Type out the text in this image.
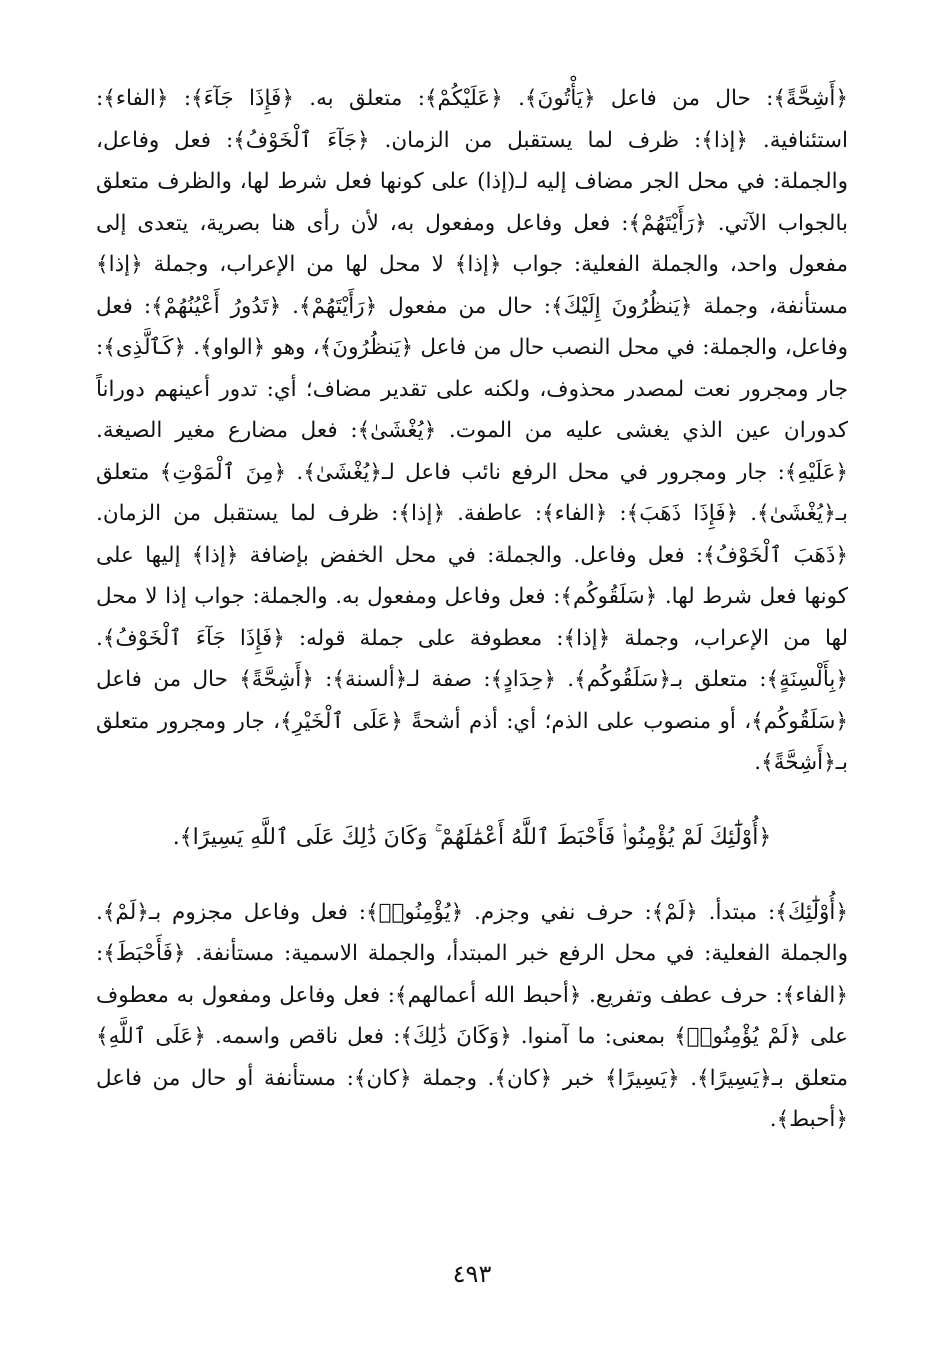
﴿أَشِحَّةً﴾: حال من فاعل ﴿يَأْتُونَ﴾. ﴿عَلَيْكُمْ﴾: متعلق به. ﴿فَإِذَا جَآءَ﴾: ﴿الفاء﴾: استئنافية. ﴿إذا﴾: ظرف لما يستقبل من الزمان. ﴿جَآءَ ٱلْخَوْفُ﴾: فعل وفاعل، والجملة: في محل الجر مضاف إليه لـ(إذا) على كونها فعل شرط لها، والظرف متعلق بالجواب الآتي. ﴿رَأَيْتَهُمْ﴾: فعل وفاعل ومفعول به، لأن رأى هنا بصرية، يتعدى إلى مفعول واحد، والجملة الفعلية: جواب ﴿إذا﴾ لا محل لها من الإعراب، وجملة ﴿إذا﴾ مستأنفة، وجملة ﴿يَنظُرُونَ إِلَيْكَ﴾: حال من مفعول ﴿رَأَيْتَهُمْ﴾. ﴿تَدُورُ أَعْيُنُهُمْ﴾: فعل وفاعل، والجملة: في محل النصب حال من فاعل ﴿يَنظُرُونَ﴾، وهو ﴿الواو﴾. ﴿كَٱلَّذِى﴾: جار ومجرور نعت لمصدر محذوف، ولكنه على تقدير مضاف؛ أي: تدور أعينهم دوراناً كدوران عين الذي يغشى عليه من الموت. ﴿يُغْشَىٰ﴾: فعل مضارع مغير الصيغة. ﴿عَلَيْهِ﴾: جار ومجرور في محل الرفع نائب فاعل لـ﴿يُغْشَىٰ﴾. ﴿مِنَ ٱلْمَوْتِ﴾ متعلق بـ﴿يُغْشَىٰ﴾. ﴿فَإِذَا ذَهَبَ﴾: ﴿الفاء﴾: عاطفة. ﴿إذا﴾: ظرف لما يستقبل من الزمان. ﴿ذَهَبَ ٱلْخَوْفُ﴾: فعل وفاعل. والجملة: في محل الخفض بإضافة ﴿إذا﴾ إليها على كونها فعل شرط لها. ﴿سَلَقُوكُم﴾: فعل وفاعل ومفعول به. والجملة: جواب إذا لا محل لها من الإعراب، وجملة ﴿إذا﴾: معطوفة على جملة قوله: ﴿فَإِذَا جَآءَ ٱلْخَوْفُ﴾. ﴿بِأَلْسِنَةٍ﴾: متعلق بـ﴿سَلَقُوكُم﴾. ﴿حِدَادٍ﴾: صفة لـ﴿ألسنة﴾: ﴿أَشِحَّةً﴾ حال من فاعل ﴿سَلَقُوكُم﴾، أو منصوب على الذم؛ أي: أذم أشحةً ﴿عَلَى ٱلْخَيْرِ﴾، جار ومجرور متعلق بـ﴿أَشِحَّةً﴾.

﴿أُوْلَٰٓئِكَ لَمْ يُؤْمِنُوا۟ فَأَحْبَطَ ٱللَّهُ أَعْمَٰلَهُمْ ۚ وَكَانَ ذَٰلِكَ عَلَى ٱللَّهِ يَسِيرًا﴾.

﴿أُوْلَٰٓئِكَ﴾: مبتدأ. ﴿لَمْ﴾: حرف نفي وجزم. ﴿يُؤْمِنُوا۟﴾: فعل وفاعل مجزوم بـ﴿لَمْ﴾. والجملة الفعلية: في محل الرفع خبر المبتدأ، والجملة الاسمية: مستأنفة. ﴿فَأَحْبَطَ﴾: ﴿الفاء﴾: حرف عطف وتفريع. ﴿أحبط الله أعمالهم﴾: فعل وفاعل ومفعول به معطوف على ﴿لَمْ يُؤْمِنُوا۟﴾ بمعنى: ما آمنوا. ﴿وَكَانَ ذَٰلِكَ﴾: فعل ناقص واسمه. ﴿عَلَى ٱللَّهِ﴾ متعلق بـ﴿يَسِيرًا﴾. ﴿يَسِيرًا﴾ خبر ﴿كان﴾. وجملة ﴿كان﴾: مستأنفة أو حال من فاعل ﴿أحبط﴾.

٤٩٣
